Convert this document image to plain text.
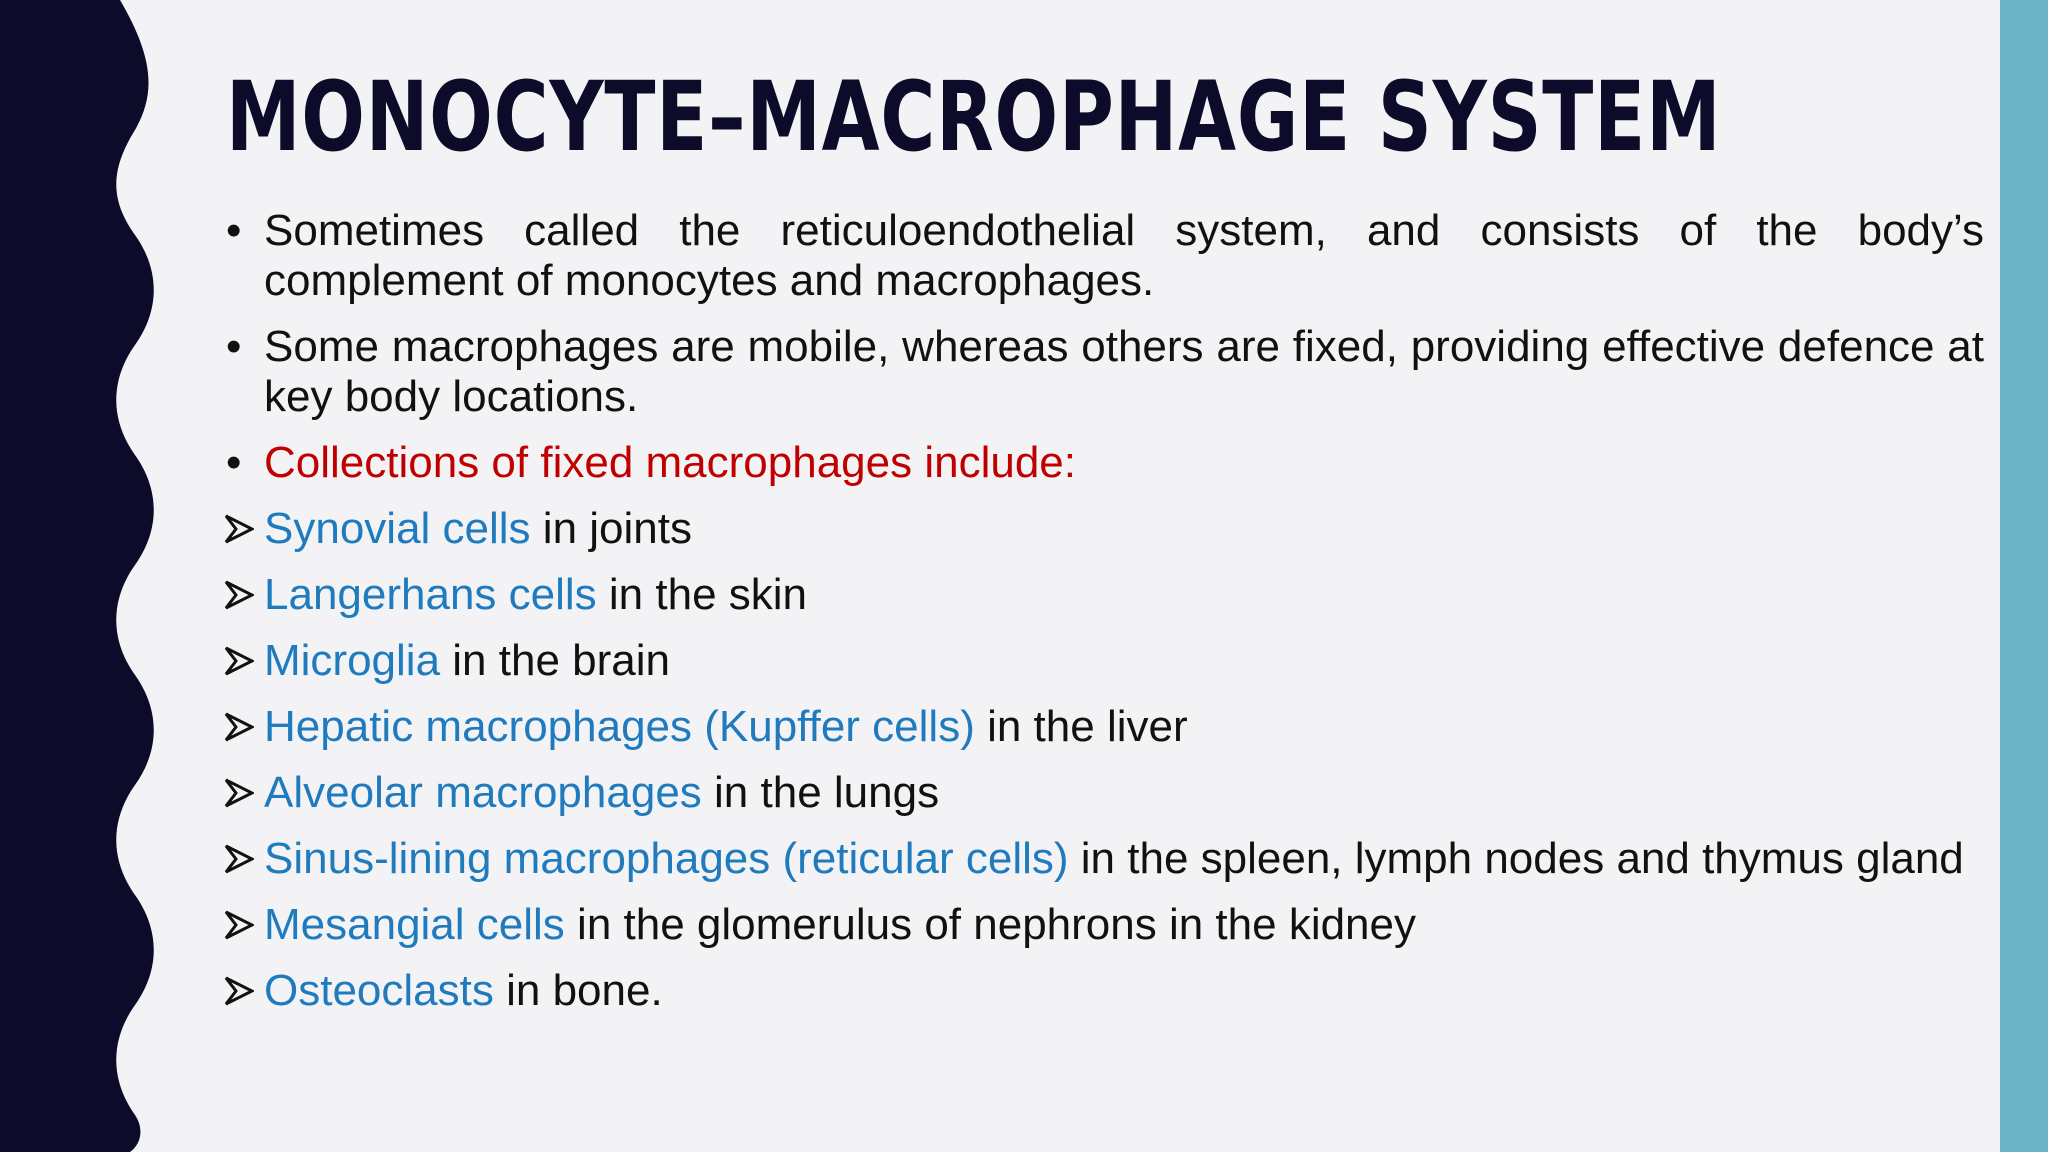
MONOCYTE–MACROPHAGE SYSTEM
• Sometimes called the reticuloendothelial system, and consists of the body’s complement of monocytes and macrophages.
• Some macrophages are mobile, whereas others are fixed, providing effective defence at key body locations.
• Collections of fixed macrophages include:
Synovial cells in joints
Langerhans cells in the skin
Microglia in the brain
Hepatic macrophages (Kupffer cells) in the liver
Alveolar macrophages in the lungs
Sinus-lining macrophages (reticular cells) in the spleen, lymph nodes and thymus gland
Mesangial cells in the glomerulus of nephrons in the kidney
Osteoclasts in bone.
